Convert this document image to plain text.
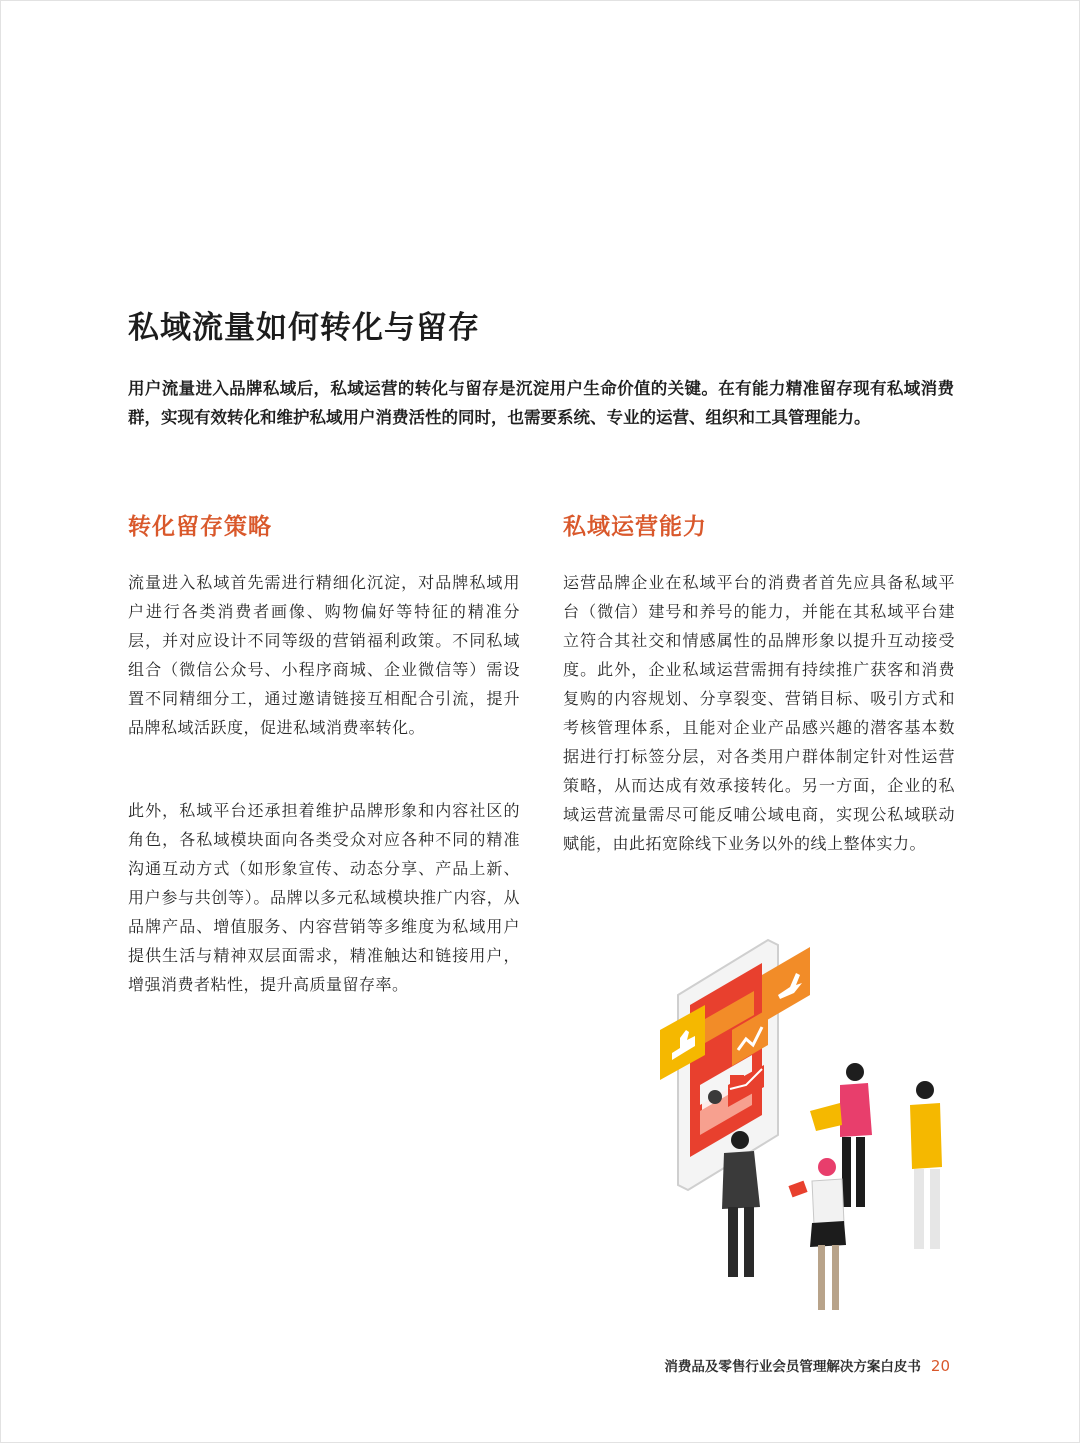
私域流量如何转化与留存

用户流量进入品牌私域后，私域运营的转化与留存是沉淀用户生命价值的关键。在有能力精准留存现有私域消费群，实现有效转化和维护私域用户消费活性的同时，也需要系统、专业的运营、组织和工具管理能力。

转化留存策略

流量进入私域首先需进行精细化沉淀，对品牌私域用户进行各类消费者画像、购物偏好等特征的精准分层，并对应设计不同等级的营销福利政策。不同私域组合（微信公众号、小程序商城、企业微信等）需设置不同精细分工，通过邀请链接互相配合引流，提升品牌私域活跃度，促进私域消费率转化。

此外，私域平台还承担着维护品牌形象和内容社区的角色，各私域模块面向各类受众对应各种不同的精准沟通互动方式（如形象宣传、动态分享、产品上新、用户参与共创等）。品牌以多元私域模块推广内容，从品牌产品、增值服务、内容营销等多维度为私域用户提供生活与精神双层面需求，精准触达和链接用户，增强消费者粘性，提升高质量留存率。

私域运营能力

运营品牌企业在私域平台的消费者首先应具备私域平台（微信）建号和养号的能力，并能在其私域平台建立符合其社交和情感属性的品牌形象以提升互动接受度。此外，企业私域运营需拥有持续推广获客和消费复购的内容规划、分享裂变、营销目标、吸引方式和考核管理体系，且能对企业产品感兴趣的潜客基本数据进行打标签分层，对各类用户群体制定针对性运营策略，从而达成有效承接转化。另一方面，企业的私域运营流量需尽可能反哺公域电商，实现公私域联动赋能，由此拓宽除线下业务以外的线上整体实力。

消费品及零售行业会员管理解决方案白皮书 20
